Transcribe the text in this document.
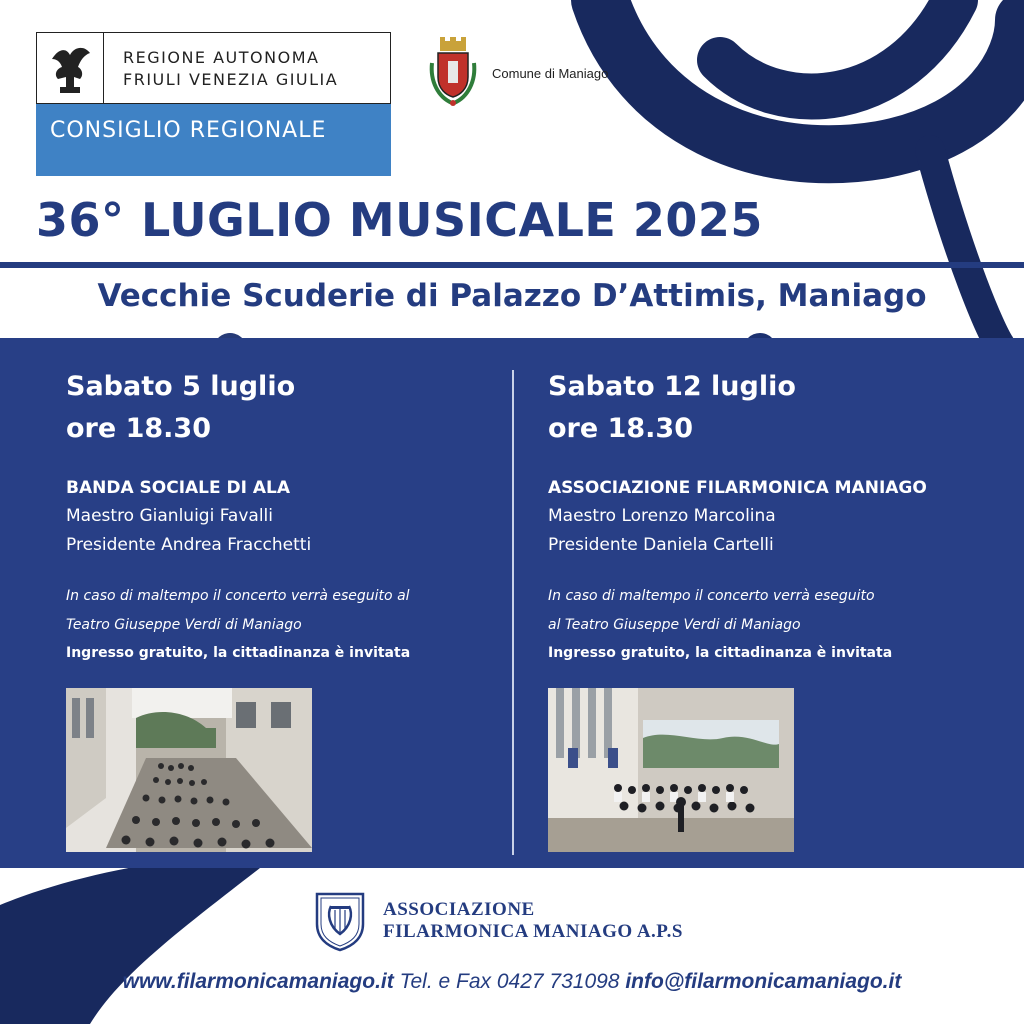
REGIONE AUTONOMA
FRIULI VENEZIA GIULIA
CONSIGLIO REGIONALE
Comune di Maniago
36° LUGLIO MUSICALE 2025
Vecchie Scuderie di Palazzo D’Attimis, Maniago
Sabato 5 luglio
ore 18.30
BANDA SOCIALE DI ALA
Maestro Gianluigi Favalli
Presidente Andrea Fracchetti
In caso di maltempo il concerto verrà eseguito al
Teatro Giuseppe Verdi di Maniago
Ingresso gratuito, la cittadinanza è invitata
Sabato 12 luglio
ore 18.30
ASSOCIAZIONE FILARMONICA MANIAGO
Maestro Lorenzo Marcolina
Presidente Daniela Cartelli
In caso di maltempo il concerto verrà eseguito
al Teatro Giuseppe Verdi di Maniago
Ingresso gratuito, la cittadinanza è invitata
ASSOCIAZIONE
FILARMONICA MANIAGO A.P.S
www.filarmonicamaniago.it Tel. e Fax 0427 731098 info@filarmonicamaniago.it
